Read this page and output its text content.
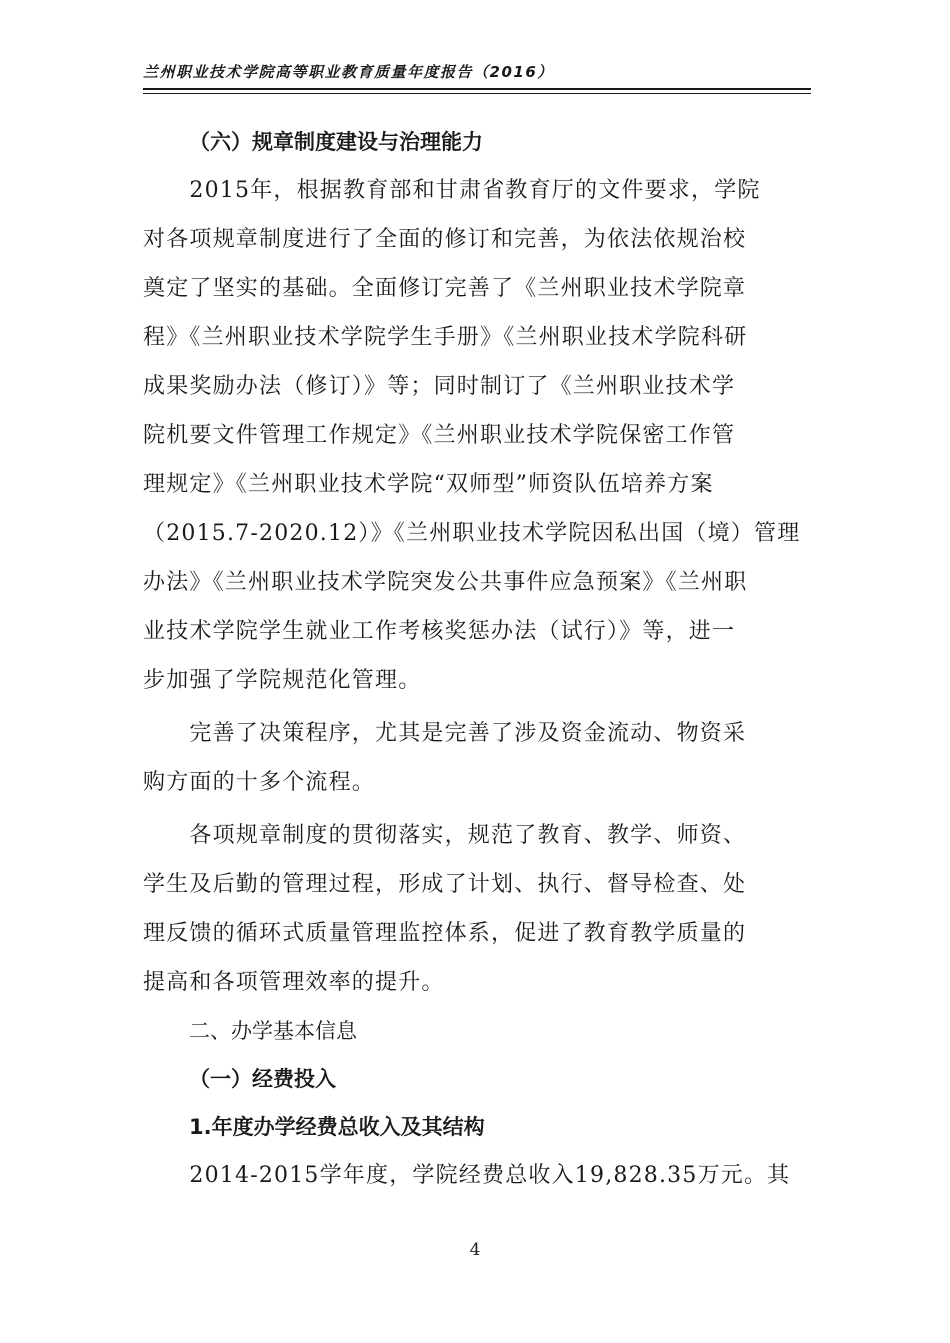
兰州职业技术学院高等职业教育质量年度报告（2016）
（六）规章制度建设与治理能力

　　2015年，根据教育部和甘肃省教育厅的文件要求，学院
对各项规章制度进行了全面的修订和完善，为依法依规治校
奠定了坚实的基础。全面修订完善了《兰州职业技术学院章
程》《兰州职业技术学院学生手册》《兰州职业技术学院科研
成果奖励办法（修订）》等；同时制订了《兰州职业技术学
院机要文件管理工作规定》《兰州职业技术学院保密工作管
理规定》《兰州职业技术学院“双师型”师资队伍培养方案
（2015.7-2020.12）》《兰州职业技术学院因私出国（境）管理
办法》《兰州职业技术学院突发公共事件应急预案》《兰州职
业技术学院学生就业工作考核奖惩办法（试行）》等，进一
步加强了学院规范化管理。

　　完善了决策程序，尤其是完善了涉及资金流动、物资采
购方面的十多个流程。

　　各项规章制度的贯彻落实，规范了教育、教学、师资、
学生及后勤的管理过程，形成了计划、执行、督导检查、处
理反馈的循环式质量管理监控体系，促进了教育教学质量的
提高和各项管理效率的提升。

二、办学基本信息
（一）经费投入
1.年度办学经费总收入及其结构

　　2014-2015学年度，学院经费总收入19,828.35万元。其

4
